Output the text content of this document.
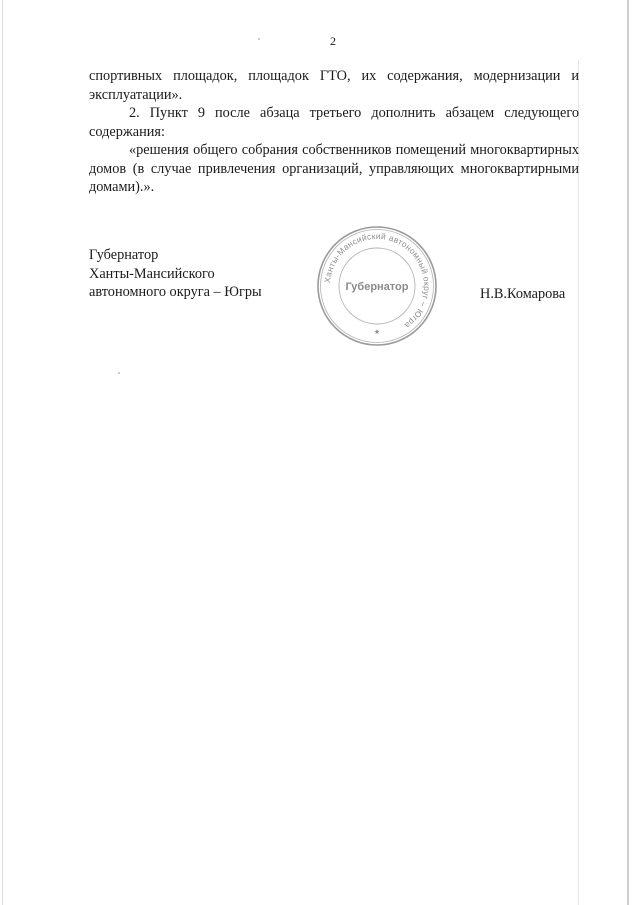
2

спортивных площадок, площадок ГТО, их содержания, модернизации и эксплуатации».

2. Пункт 9 после абзаца третьего дополнить абзацем следующего содержания:

«решения общего собрания собственников помещений многоквартирных домов (в случае привлечения организаций, управляющих многоквартирными домами).».

Губернатор
Ханты-Мансийского
автономного округа – Югры
Ханты-Мансийский автономный округ – Югра
Губернатор
★
Н.В.Комарова
